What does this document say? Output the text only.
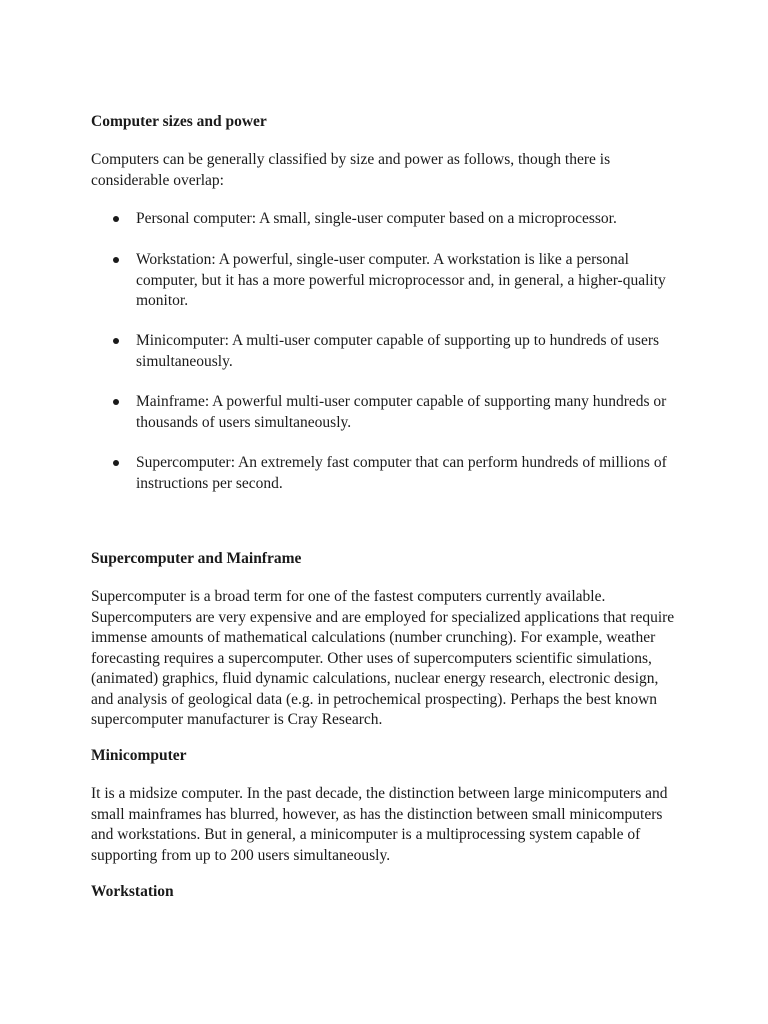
Computer sizes and power

Computers can be generally classified by size and power as follows, though there is considerable overlap:

Personal computer: A small, single-user computer based on a microprocessor.
Workstation: A powerful, single-user computer. A workstation is like a personal computer, but it has a more powerful microprocessor and, in general, a higher-quality monitor.
Minicomputer: A multi-user computer capable of supporting up to hundreds of users simultaneously.
Mainframe: A powerful multi-user computer capable of supporting many hundreds or thousands of users simultaneously.
Supercomputer: An extremely fast computer that can perform hundreds of millions of instructions per second.
Supercomputer and Mainframe

Supercomputer is a broad term for one of the fastest computers currently available. Supercomputers are very expensive and are employed for specialized applications that require immense amounts of mathematical calculations (number crunching). For example, weather forecasting requires a supercomputer. Other uses of supercomputers scientific simulations, (animated) graphics, fluid dynamic calculations, nuclear energy research, electronic design, and analysis of geological data (e.g. in petrochemical prospecting). Perhaps the best known supercomputer manufacturer is Cray Research.

Minicomputer

It is a midsize computer. In the past decade, the distinction between large minicomputers and small mainframes has blurred, however, as has the distinction between small minicomputers and workstations. But in general, a minicomputer is a multiprocessing system capable of supporting from up to 200 users simultaneously.

Workstation
